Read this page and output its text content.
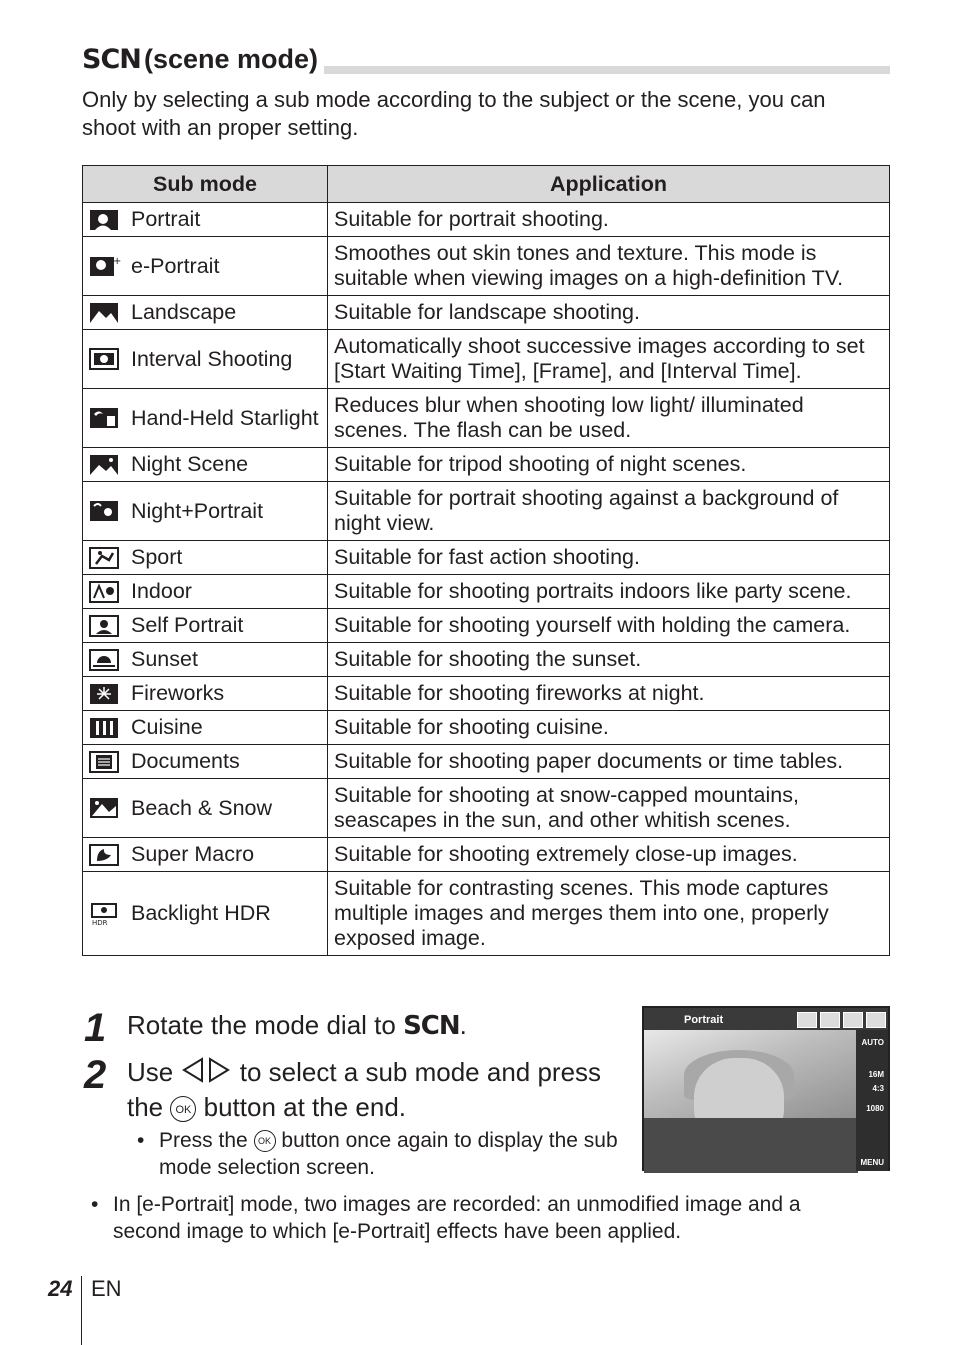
SCN (scene mode)
Only by selecting a sub mode according to the subject or the scene, you can shoot with an proper setting.
Sub mode	Application

Portrait	Suitable for portrait shooting.

+ e-Portrait	Smoothes out skin tones and texture. This mode is suitable when viewing images on a high-definition TV.

Landscape	Suitable for landscape shooting.

Interval Shooting	Automatically shoot successive images according to set [Start Waiting Time], [Frame], and [Interval Time].

Hand-Held Starlight	Reduces blur when shooting low light/ illuminated scenes. The flash can be used.

Night Scene	Suitable for tripod shooting of night scenes.

Night+Portrait	Suitable for portrait shooting against a background of night view.

Sport	Suitable for fast action shooting.

Indoor	Suitable for shooting portraits indoors like party scene.

Self Portrait	Suitable for shooting yourself with holding the camera.

Sunset	Suitable for shooting the sunset.

Fireworks	Suitable for shooting fireworks at night.

Cuisine	Suitable for shooting cuisine.

Documents	Suitable for shooting paper documents or time tables.

Beach & Snow	Suitable for shooting at snow-capped mountains, seascapes in the sun, and other whitish scenes.

Super Macro	Suitable for shooting extremely close-up images.

HDR Backlight HDR	Suitable for contrasting scenes. This mode captures multiple images and merges them into one, properly exposed image.
1 Rotate the mode dial to SCN.
2 Use	to select a sub mode and press
the OK button at the end.
• Press the OK button once again to display the sub mode selection screen.
Portrait
AUTO
16M
4:3
1080
MENU
• In [e-Portrait] mode, two images are recorded: an unmodified image and a second image to which [e-Portrait] effects have been applied.
24 EN
